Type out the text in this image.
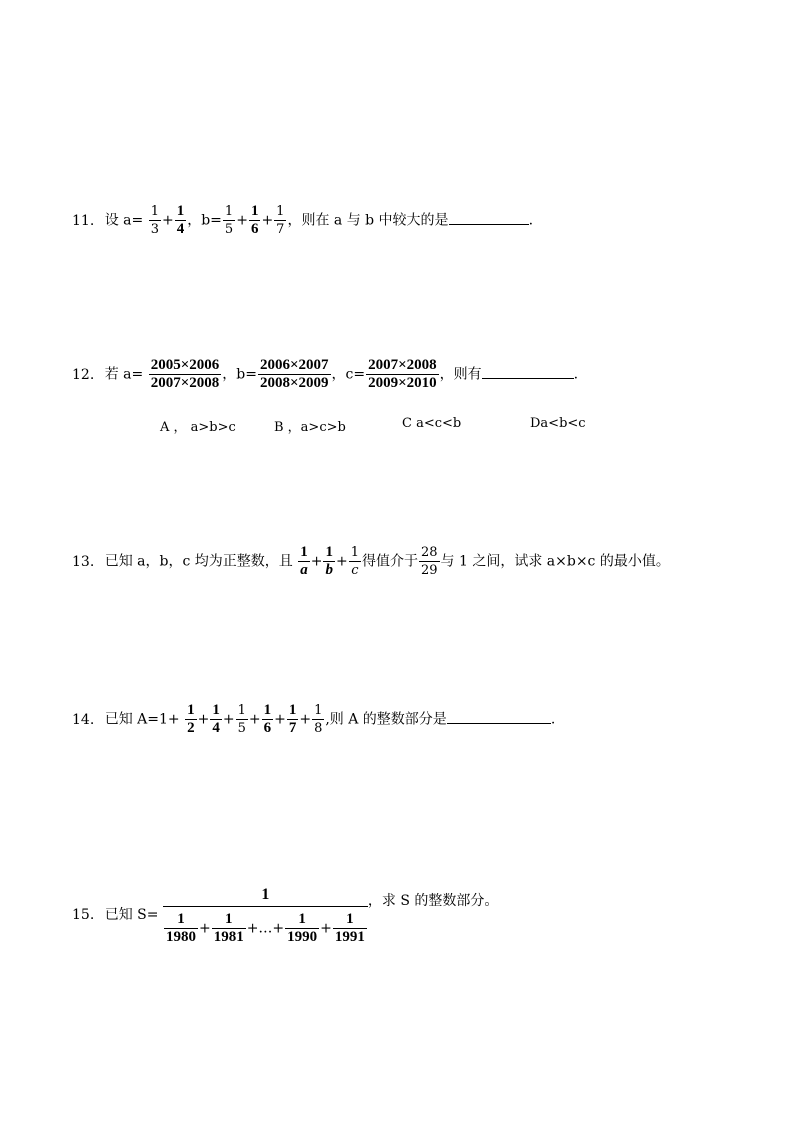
11. 设 $a= \frac{1}{3} + \frac{1}{4}$ ，$b= \frac{1}{5} + \frac{1}{6} + \frac{1}{7}$ ，则在 a 与 b 中较大的是	.
12. 若 $a= \frac{2005\times 2006}{2007\times 2008}$ ，$b= \frac{2006\times 2007}{2008\times 2009}$ ，$c= \frac{2007\times 2008}{2009\times 2010}$ ，则有	.
A ， a>b>c	B ，a>c>b	C a<c<b	Da<b<c
13. 已知 a，b，c 均为正整数，且 $\frac{1}{a} + \frac{1}{b} + \frac{1}{c}$ 得值介于 $\frac{28}{29}$ 与 1 之间，试求 a×b×c 的最小值。
14. 已知 $A=1+ \frac{1}{2} + \frac{1}{4} + \frac{1}{5} + \frac{1}{6} + \frac{1}{7} + \frac{1}{8}$ ,则 A 的整数部分是	.
15. 已知 S=
1
$\frac{1}{1980} + \frac{1}{1981}$ +…+ $\frac{1}{1990} + \frac{1}{1991}$
，求 S 的整数部分。
